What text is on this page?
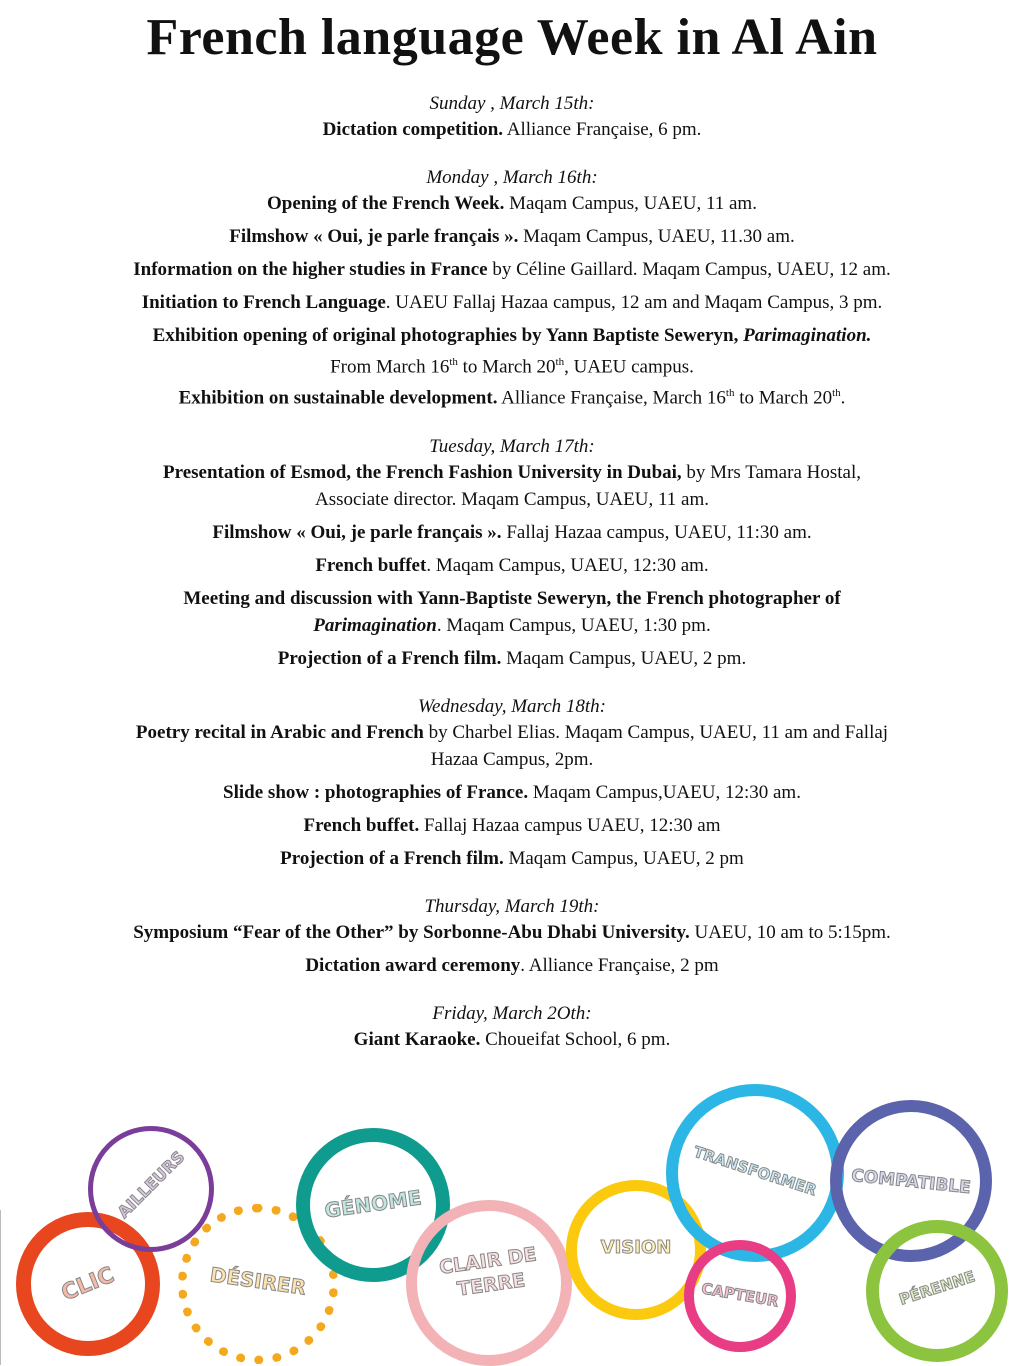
French language Week in Al Ain
Sunday , March 15th:
Dictation competition. Alliance Française, 6 pm.
Monday , March 16th:
Opening of the French Week. Maqam Campus, UAEU, 11 am.
Filmshow « Oui, je parle français ». Maqam Campus, UAEU, 11.30 am.
Information on the higher studies in France by Céline Gaillard. Maqam Campus, UAEU, 12 am.
Initiation to French Language. UAEU Fallaj Hazaa campus, 12 am and Maqam Campus, 3 pm.
Exhibition opening of original photographies by Yann Baptiste Seweryn, Parimagination.
From March 16th to March 20th, UAEU campus.
Exhibition on sustainable development. Alliance Française, March 16th to March 20th.
Tuesday, March 17th:
Presentation of Esmod, the French Fashion University in Dubai, by Mrs Tamara Hostal,
Associate director. Maqam Campus, UAEU, 11 am.
Filmshow « Oui, je parle français ». Fallaj Hazaa campus, UAEU, 11:30 am.
French buffet. Maqam Campus, UAEU, 12:30 am.
Meeting and discussion with Yann-Baptiste Seweryn, the French photographer of
Parimagination. Maqam Campus, UAEU, 1:30 pm.
Projection of a French film. Maqam Campus, UAEU, 2 pm.
Wednesday, March 18th:
Poetry recital in Arabic and French by Charbel Elias. Maqam Campus, UAEU, 11 am and Fallaj
Hazaa Campus, 2pm.
Slide show : photographies of France. Maqam Campus,UAEU, 12:30 am.
French buffet. Fallaj Hazaa campus UAEU, 12:30 am
Projection of a French film. Maqam Campus, UAEU, 2 pm
Thursday, March 19th:
Symposium “Fear of the Other” by Sorbonne-Abu Dhabi University. UAEU, 10 am to 5:15pm.
Dictation award ceremony. Alliance Française, 2 pm
Friday, March 2Oth:
Giant Karaoke. Choueifat School, 6 pm.
CLIC
AILLEURS
DÉSIRER
GÉNOME
CLAIR DE TERRE
VISION
TRANSFORMER
CAPTEUR
COMPATIBLE
PÉRENNE
